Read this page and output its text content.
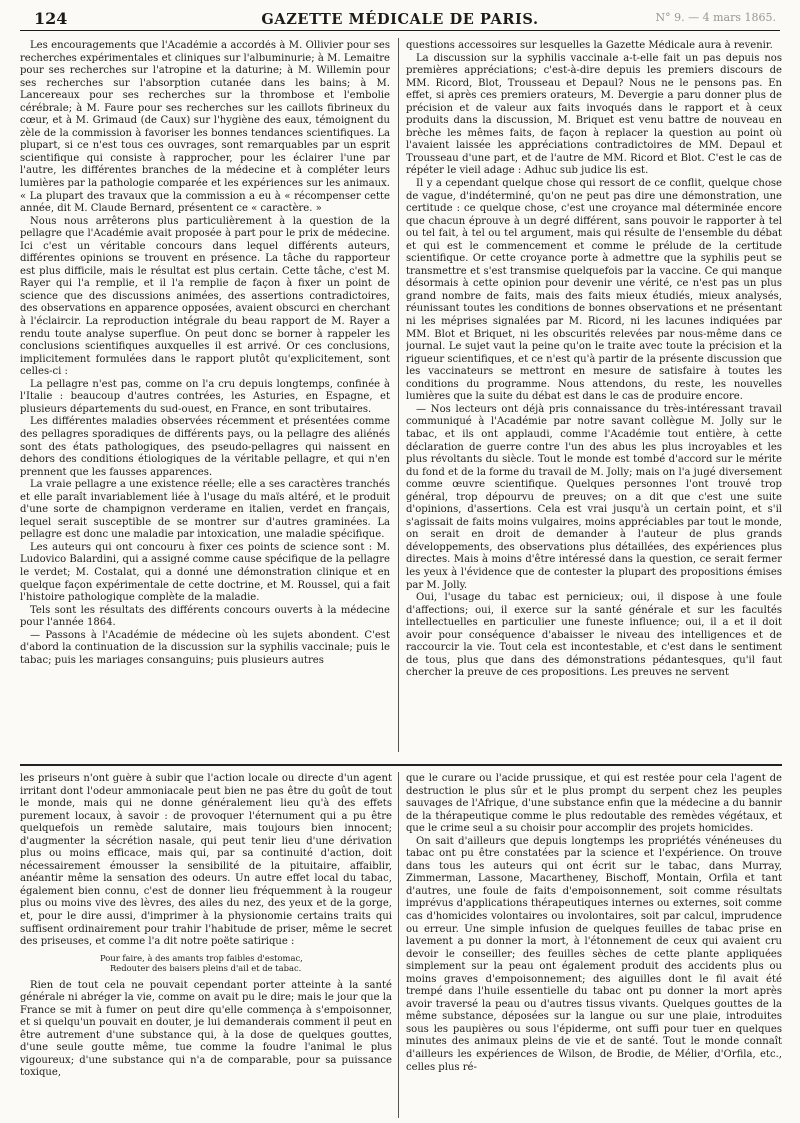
124	GAZETTE MÉDICALE DE PARIS.	N° 9. — 4 mars 1865.

Les encouragements que l'Académie a accordés à M. Ollivier pour ses recherches expérimentales et cliniques sur l'albuminurie; à M. Lemaitre pour ses recherches sur l'atropine et la daturine; à M. Willemin pour ses recherches sur l'absorption cutanée dans les bains; à M. Lancereaux pour ses recherches sur la thrombose et l'embolie cérébrale; à M. Faure pour ses recherches sur les caillots fibrineux du cœur, et à M. Grimaud (de Caux) sur l'hygiène des eaux, témoignent du zèle de la commission à favoriser les bonnes tendances scientifiques. La plupart, si ce n'est tous ces ouvrages, sont remarquables par un esprit scientifique qui consiste à rapprocher, pour les éclairer l'une par l'autre, les différentes branches de la médecine et à compléter leurs lumières par la pathologie comparée et les expériences sur les animaux. « La plupart des travaux que la commission a eu à « récompenser cette année, dit M. Claude Bernard, présentent ce « caractère. »

Nous nous arrêterons plus particulièrement à la question de la pellagre que l'Académie avait proposée à part pour le prix de médecine. Ici c'est un véritable concours dans lequel différents auteurs, différentes opinions se trouvent en présence. La tâche du rapporteur est plus difficile, mais le résultat est plus certain. Cette tâche, c'est M. Rayer qui l'a remplie, et il l'a remplie de façon à fixer un point de science que des discussions animées, des assertions contradictoires, des observations en apparence opposées, avaient obscurci en cherchant à l'éclaircir. La reproduction intégrale du beau rapport de M. Rayer a rendu toute analyse superflue. On peut donc se borner à rappeler les conclusions scientifiques auxquelles il est arrivé. Or ces conclusions, implicitement formulées dans le rapport plutôt qu'explicitement, sont celles-ci :

La pellagre n'est pas, comme on l'a cru depuis longtemps, confinée à l'Italie : beaucoup d'autres contrées, les Asturies, en Espagne, et plusieurs départements du sud-ouest, en France, en sont tributaires.

Les différentes maladies observées récemment et présentées comme des pellagres sporadiques de différents pays, ou la pellagre des aliénés sont des états pathologiques, des pseudo-pellagres qui naissent en dehors des conditions étiologiques de la véritable pellagre, et qui n'en prennent que les fausses apparences.

La vraie pellagre a une existence réelle; elle a ses caractères tranchés et elle paraît invariablement liée à l'usage du maïs altéré, et le produit d'une sorte de champignon verderame en italien, verdet en français, lequel serait susceptible de se montrer sur d'autres graminées. La pellagre est donc une maladie par intoxication, une maladie spécifique.

Les auteurs qui ont concouru à fixer ces points de science sont : M. Ludovico Balardini, qui a assigné comme cause spécifique de la pellagre le verdet; M. Costalat, qui a donné une démonstration clinique et en quelque façon expérimentale de cette doctrine, et M. Roussel, qui a fait l'histoire pathologique complète de la maladie.

Tels sont les résultats des différents concours ouverts à la médecine pour l'année 1864.

— Passons à l'Académie de médecine où les sujets abondent. C'est d'abord la continuation de la discussion sur la syphilis vaccinale; puis le tabac; puis les mariages consanguins; puis plusieurs autres

questions accessoires sur lesquelles la Gazette Médicale aura à revenir.

La discussion sur la syphilis vaccinale a-t-elle fait un pas depuis nos premières appréciations; c'est-à-dire depuis les premiers discours de MM. Ricord, Blot, Trousseau et Depaul? Nous ne le pensons pas. En effet, si après ces premiers orateurs, M. Devergie a paru donner plus de précision et de valeur aux faits invoqués dans le rapport et à ceux produits dans la discussion, M. Briquet est venu battre de nouveau en brèche les mêmes faits, de façon à replacer la question au point où l'avaient laissée les appréciations contradictoires de MM. Depaul et Trousseau d'une part, et de l'autre de MM. Ricord et Blot. C'est le cas de répéter le vieil adage : Adhuc sub judice lis est.

Il y a cependant quelque chose qui ressort de ce conflit, quelque chose de vague, d'indéterminé, qu'on ne peut pas dire une démonstration, une certitude : ce quelque chose, c'est une croyance mal déterminée encore que chacun éprouve à un degré différent, sans pouvoir le rapporter à tel ou tel fait, à tel ou tel argument, mais qui résulte de l'ensemble du débat et qui est le commencement et comme le prélude de la certitude scientifique. Or cette croyance porte à admettre que la syphilis peut se transmettre et s'est transmise quelquefois par la vaccine. Ce qui manque désormais à cette opinion pour devenir une vérité, ce n'est pas un plus grand nombre de faits, mais des faits mieux étudiés, mieux analysés, réunissant toutes les conditions de bonnes observations et ne présentant ni les méprises signalées par M. Ricord, ni les lacunes indiquées par MM. Blot et Briquet, ni les obscurités relevées par nous-même dans ce journal. Le sujet vaut la peine qu'on le traite avec toute la précision et la rigueur scientifiques, et ce n'est qu'à partir de la présente discussion que les vaccinateurs se mettront en mesure de satisfaire à toutes les conditions du programme. Nous attendons, du reste, les nouvelles lumières que la suite du débat est dans le cas de produire encore.

— Nos lecteurs ont déjà pris connaissance du très-intéressant travail communiqué à l'Académie par notre savant collègue M. Jolly sur le tabac, et ils ont applaudi, comme l'Académie tout entière, à cette déclaration de guerre contre l'un des abus les plus incroyables et les plus révoltants du siècle. Tout le monde est tombé d'accord sur le mérite du fond et de la forme du travail de M. Jolly; mais on l'a jugé diversement comme œuvre scientifique. Quelques personnes l'ont trouvé trop général, trop dépourvu de preuves; on a dit que c'est une suite d'opinions, d'assertions. Cela est vrai jusqu'à un certain point, et s'il s'agissait de faits moins vulgaires, moins appréciables par tout le monde, on serait en droit de demander à l'auteur de plus grands développements, des observations plus détaillées, des expériences plus directes. Mais à moins d'être intéressé dans la question, ce serait fermer les yeux à l'évidence que de contester la plupart des propositions émises par M. Jolly.

Oui, l'usage du tabac est pernicieux; oui, il dispose à une foule d'affections; oui, il exerce sur la santé générale et sur les facultés intellectuelles en particulier une funeste influence; oui, il a et il doit avoir pour conséquence d'abaisser le niveau des intelligences et de raccourcir la vie. Tout cela est incontestable, et c'est dans le sentiment de tous, plus que dans des démonstrations pédantesques, qu'il faut chercher la preuve de ces propositions. Les preuves ne servent

les priseurs n'ont guère à subir que l'action locale ou directe d'un agent irritant dont l'odeur ammoniacale peut bien ne pas être du goût de tout le monde, mais qui ne donne généralement lieu qu'à des effets purement locaux, à savoir : de provoquer l'éternument qui a pu être quelquefois un remède salutaire, mais toujours bien innocent; d'augmenter la sécrétion nasale, qui peut tenir lieu d'une dérivation plus ou moins efficace, mais qui, par sa continuité d'action, doit nécessairement émousser la sensibilité de la pituitaire, affaiblir, anéantir même la sensation des odeurs. Un autre effet local du tabac, également bien connu, c'est de donner lieu fréquemment à la rougeur plus ou moins vive des lèvres, des ailes du nez, des yeux et de la gorge, et, pour le dire aussi, d'imprimer à la physionomie certains traits qui suffisent ordinairement pour trahir l'habitude de priser, même le secret des priseuses, et comme l'a dit notre poëte satirique :

Pour faire, à des amants trop faibles d'estomac,
Redouter des baisers pleins d'ail et de tabac.

Rien de tout cela ne pouvait cependant porter atteinte à la santé générale ni abréger la vie, comme on avait pu le dire; mais le jour que la France se mit à fumer on peut dire qu'elle commença à s'empoisonner, et si quelqu'un pouvait en douter, je lui demanderais comment il peut en être autrement d'une substance qui, à la dose de quelques gouttes, d'une seule goutte même, tue comme la foudre l'animal le plus vigoureux; d'une substance qui n'a de comparable, pour sa puissance toxique,

que le curare ou l'acide prussique, et qui est restée pour cela l'agent de destruction le plus sûr et le plus prompt du serpent chez les peuples sauvages de l'Afrique, d'une substance enfin que la médecine a du bannir de la thérapeutique comme le plus redoutable des remèdes végétaux, et que le crime seul a su choisir pour accomplir des projets homicides.

On sait d'ailleurs que depuis longtemps les propriétés vénéneuses du tabac ont pu être constatées par la science et l'expérience. On trouve dans tous les auteurs qui ont écrit sur le tabac, dans Murray, Zimmerman, Lassone, Macartheney, Bischoff, Montain, Orfila et tant d'autres, une foule de faits d'empoisonnement, soit comme résultats imprévus d'applications thérapeutiques internes ou externes, soit comme cas d'homicides volontaires ou involontaires, soit par calcul, imprudence ou erreur. Une simple infusion de quelques feuilles de tabac prise en lavement a pu donner la mort, à l'étonnement de ceux qui avaient cru devoir le conseiller; des feuilles sèches de cette plante appliquées simplement sur la peau ont également produit des accidents plus ou moins graves d'empoisonnement; des aiguilles dont le fil avait été trempé dans l'huile essentielle du tabac ont pu donner la mort après avoir traversé la peau ou d'autres tissus vivants. Quelques gouttes de la même substance, déposées sur la langue ou sur une plaie, introduites sous les paupières ou sous l'épiderme, ont suffi pour tuer en quelques minutes des animaux pleins de vie et de santé. Tout le monde connaît d'ailleurs les expériences de Wilson, de Brodie, de Mélier, d'Orfila, etc., celles plus ré-
